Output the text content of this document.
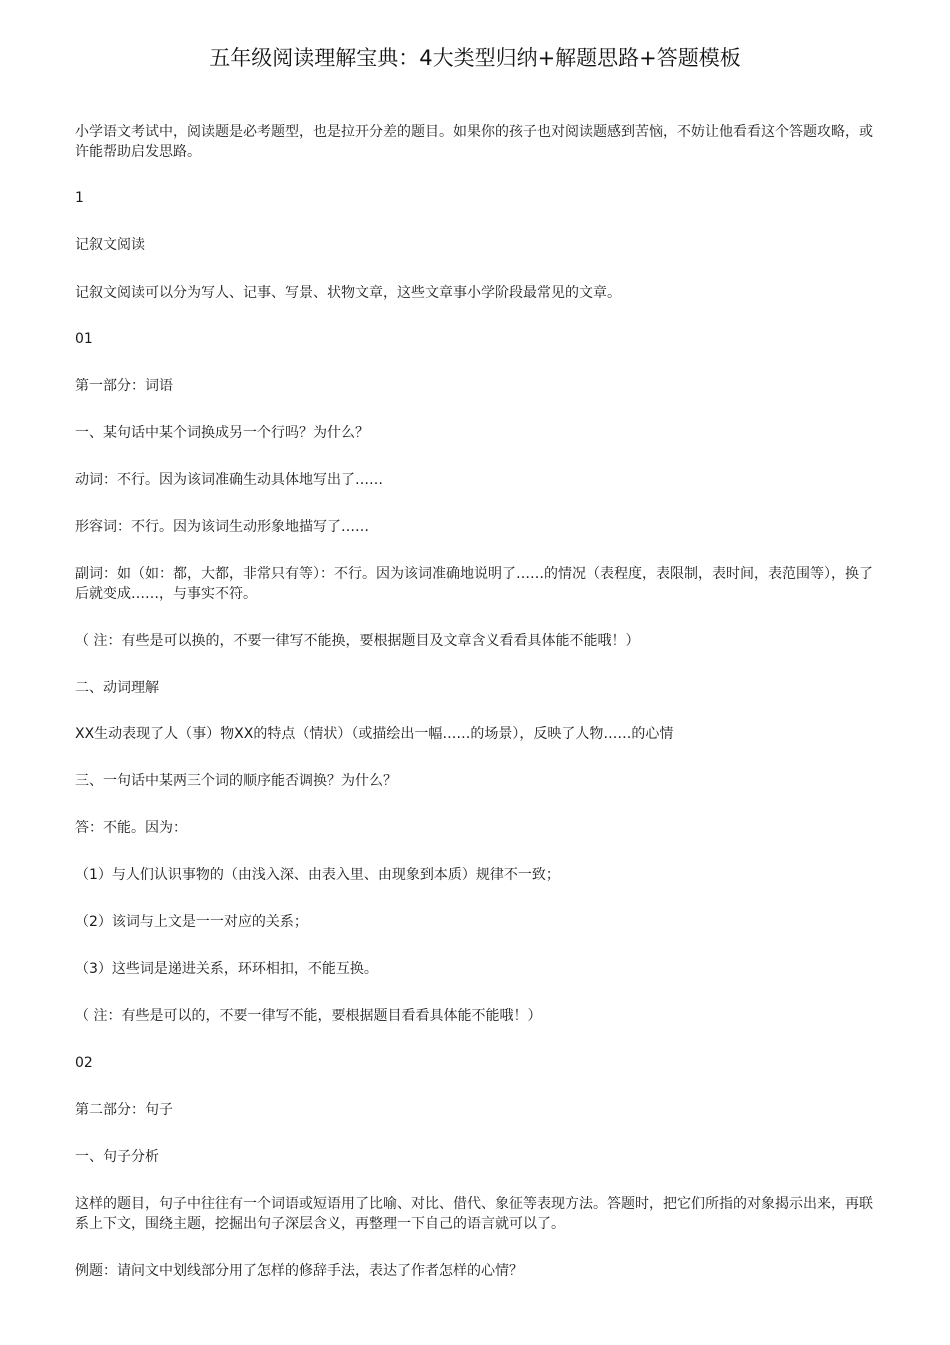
五年级阅读理解宝典：4大类型归纳+解题思路+答题模板

小学语文考试中，阅读题是必考题型，也是拉开分差的题目。如果你的孩子也对阅读题感到苦恼，不妨让他看看这个答题攻略，或许能帮助启发思路。

1

记叙文阅读

记叙文阅读可以分为写人、记事、写景、状物文章，这些文章事小学阶段最常见的文章。

01

第一部分：词语

一、某句话中某个词换成另一个行吗？为什么？

动词：不行。因为该词准确生动具体地写出了……

形容词：不行。因为该词生动形象地描写了……

副词：如（如：都，大都，非常只有等）：不行。因为该词准确地说明了……的情况（表程度，表限制，表时间，表范围等），换了后就变成……，与事实不符。

（ 注：有些是可以换的，不要一律写不能换，要根据题目及文章含义看看具体能不能哦！）

二、动词理解

XX生动表现了人（事）物XX的特点（情状）（或描绘出一幅……的场景），反映了人物……的心情

三、一句话中某两三个词的顺序能否调换？为什么？

答：不能。因为：

（1）与人们认识事物的（由浅入深、由表入里、由现象到本质）规律不一致；

（2）该词与上文是一一对应的关系；

（3）这些词是递进关系，环环相扣，不能互换。

（ 注：有些是可以的，不要一律写不能，要根据题目看看具体能不能哦！）

02

第二部分：句子

一、句子分析

这样的题目，句子中往往有一个词语或短语用了比喻、对比、借代、象征等表现方法。答题时，把它们所指的对象揭示出来，再联系上下文，围绕主题，挖掘出句子深层含义，再整理一下自己的语言就可以了。

例题：请问文中划线部分用了怎样的修辞手法，表达了作者怎样的心情？
